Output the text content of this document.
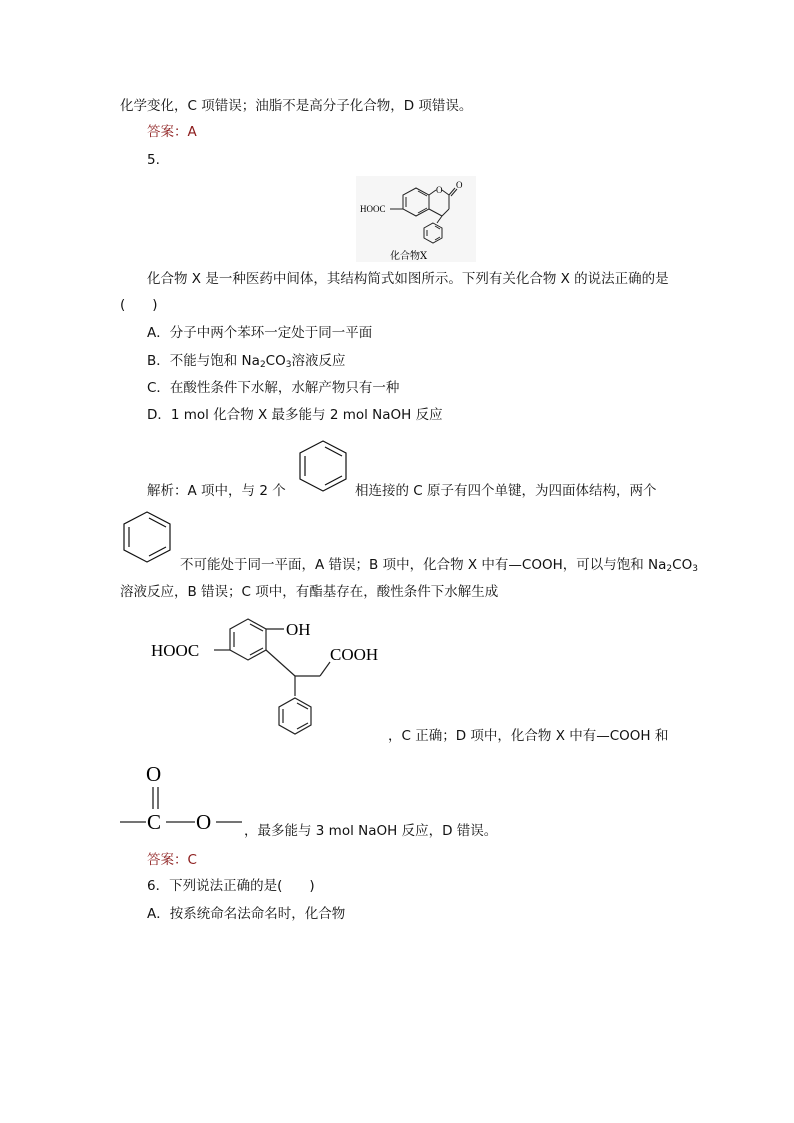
化学变化，C 项错误；油脂不是高分子化合物，D 项错误。
答案：A
5.
O O
HOOC
化合物X
化合物 X 是一种医药中间体，其结构简式如图所示。下列有关化合物 X 的说法正确的是
(　　)
A．分子中两个苯环一定处于同一平面
B．不能与饱和 $Na_2CO_3$溶液反应
C．在酸性条件下水解，水解产物只有一种
D．1 mol 化合物 X 最多能与 2 mol NaOH 反应
解析：A 项中，与 2 个	相连接的 C 原子有四个单键，为四面体结构，两个
不可能处于同一平面，A 错误；B 项中，化合物 X 中有—COOH，可以与饱和 $Na_2CO_3$
溶液反应，B 错误；C 项中，有酯基存在，酸性条件下水解生成
OH
HOOC	COOH
，C 正确；D 项中，化合物 X 中有—COOH 和
O
C O ，最多能与 3 mol NaOH 反应，D 错误。
答案：C
6．下列说法正确的是(　　)
A．按系统命名法命名时，化合物
